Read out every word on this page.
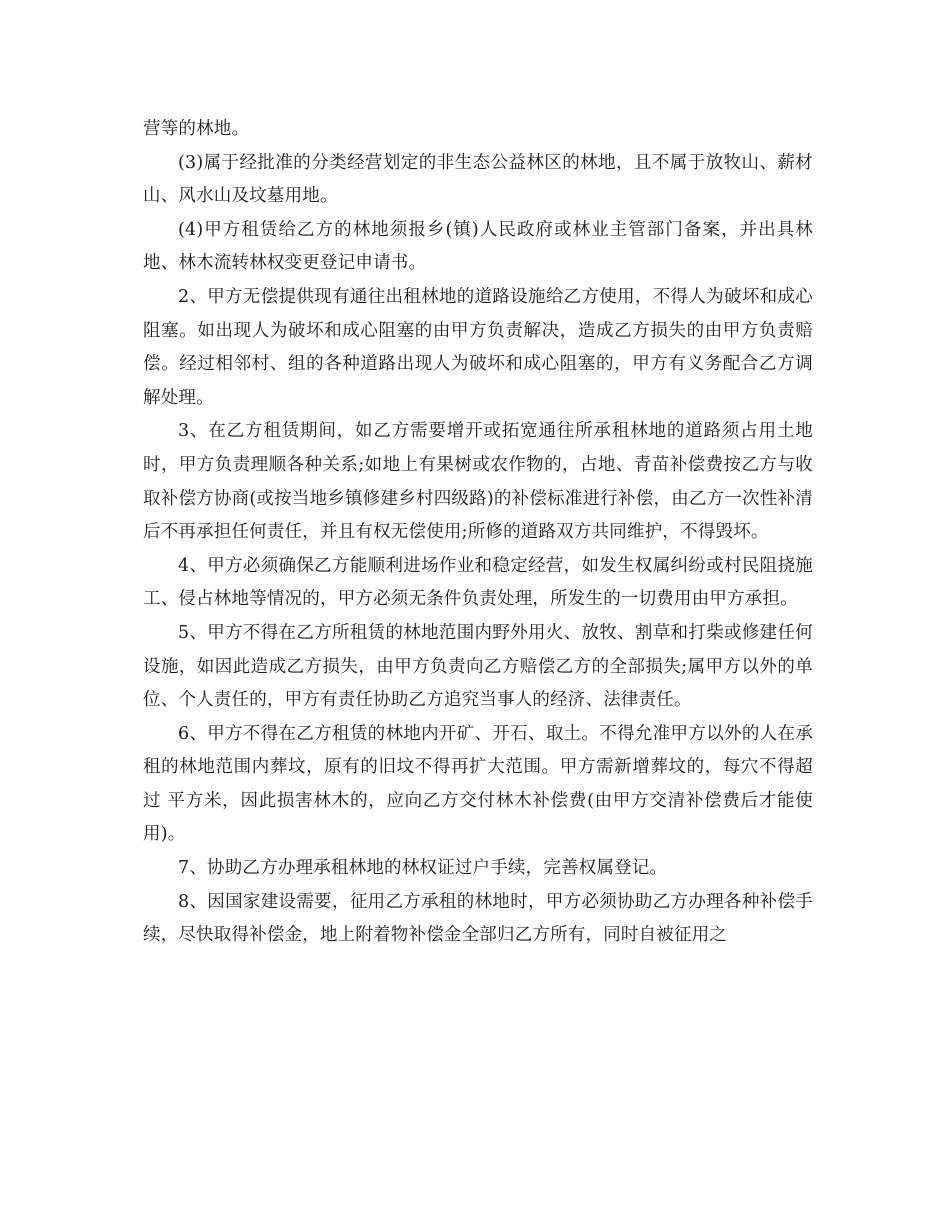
营等的林地。

(3)属于经批准的分类经营划定的非生态公益林区的林地，且不属于放牧山、薪材山、风水山及坟墓用地。

(4)甲方租赁给乙方的林地须报乡(镇)人民政府或林业主管部门备案，并出具林地、林木流转林权变更登记申请书。

2、甲方无偿提供现有通往出租林地的道路设施给乙方使用，不得人为破坏和成心阻塞。如出现人为破坏和成心阻塞的由甲方负责解决，造成乙方损失的由甲方负责赔偿。经过相邻村、组的各种道路出现人为破坏和成心阻塞的，甲方有义务配合乙方调解处理。

3、在乙方租赁期间，如乙方需要增开或拓宽通往所承租林地的道路须占用土地时，甲方负责理顺各种关系;如地上有果树或农作物的，占地、青苗补偿费按乙方与收取补偿方协商(或按当地乡镇修建乡村四级路)的补偿标准进行补偿，由乙方一次性补清后不再承担任何责任，并且有权无偿使用;所修的道路双方共同维护，不得毁坏。

4、甲方必须确保乙方能顺利进场作业和稳定经营，如发生权属纠纷或村民阻挠施工、侵占林地等情况的，甲方必须无条件负责处理，所发生的一切费用由甲方承担。

5、甲方不得在乙方所租赁的林地范围内野外用火、放牧、割草和打柴或修建任何设施，如因此造成乙方损失，由甲方负责向乙方赔偿乙方的全部损失;属甲方以外的单位、个人责任的，甲方有责任协助乙方追究当事人的经济、法律责任。

6、甲方不得在乙方租赁的林地内开矿、开石、取土。不得允准甲方以外的人在承租的林地范围内葬坟，原有的旧坟不得再扩大范围。甲方需新增葬坟的，每穴不得超过 平方米，因此损害林木的，应向乙方交付林木补偿费(由甲方交清补偿费后才能使用)。

7、协助乙方办理承租林地的林权证过户手续，完善权属登记。

8、因国家建设需要，征用乙方承租的林地时，甲方必须协助乙方办理各种补偿手续，尽快取得补偿金，地上附着物补偿金全部归乙方所有，同时自被征用之
